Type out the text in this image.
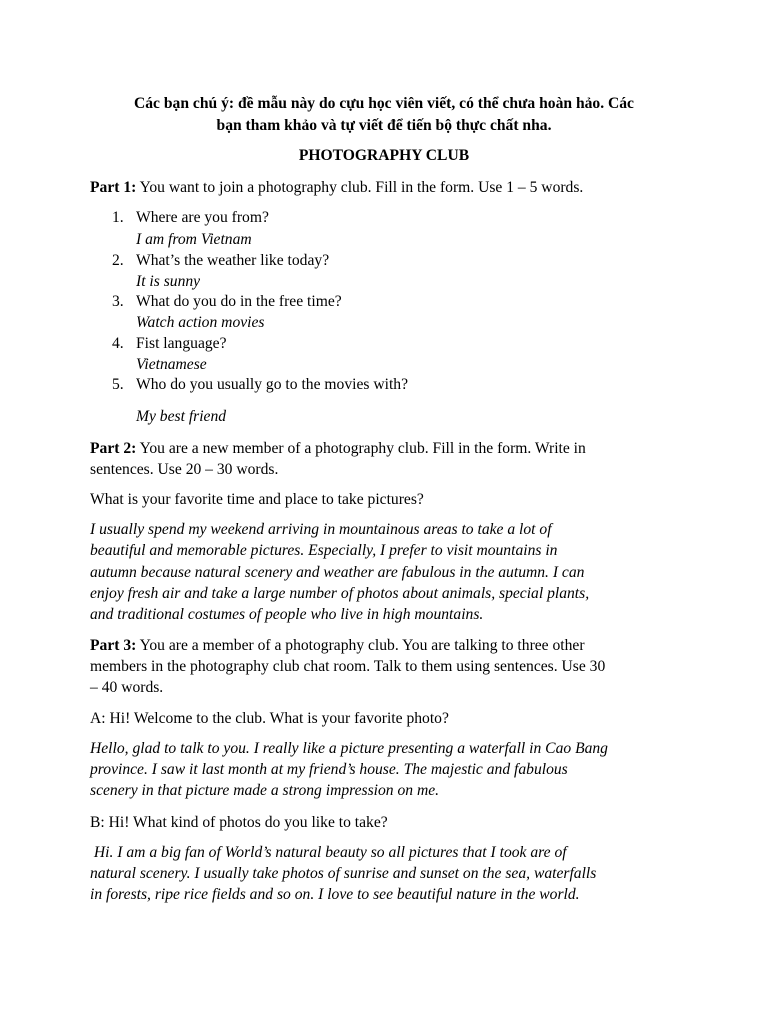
Các bạn chú ý: đề mẫu này do cựu học viên viết, có thể chưa hoàn hảo. Các
bạn tham khảo và tự viết để tiến bộ thực chất nha.
PHOTOGRAPHY CLUB
Part 1: You want to join a photography club. Fill in the form. Use 1 – 5 words.
1. Where are you from?
I am from Vietnam
2. What’s the weather like today?
It is sunny
3. What do you do in the free time?
Watch action movies
4. Fist language?
Vietnamese
5. Who do you usually go to the movies with?
My best friend
Part 2: You are a new member of a photography club. Fill in the form. Write in
sentences. Use 20 – 30 words.
What is your favorite time and place to take pictures?
I usually spend my weekend arriving in mountainous areas to take a lot of
beautiful and memorable pictures. Especially, I prefer to visit mountains in
autumn because natural scenery and weather are fabulous in the autumn. I can
enjoy fresh air and take a large number of photos about animals, special plants,
and traditional costumes of people who live in high mountains.
Part 3: You are a member of a photography club. You are talking to three other
members in the photography club chat room. Talk to them using sentences. Use 30
– 40 words.
A: Hi! Welcome to the club. What is your favorite photo?
Hello, glad to talk to you. I really like a picture presenting a waterfall in Cao Bang
province. I saw it last month at my friend’s house. The majestic and fabulous
scenery in that picture made a strong impression on me.
B: Hi! What kind of photos do you like to take?
Hi. I am a big fan of World’s natural beauty so all pictures that I took are of
natural scenery. I usually take photos of sunrise and sunset on the sea, waterfalls
in forests, ripe rice fields and so on. I love to see beautiful nature in the world.
